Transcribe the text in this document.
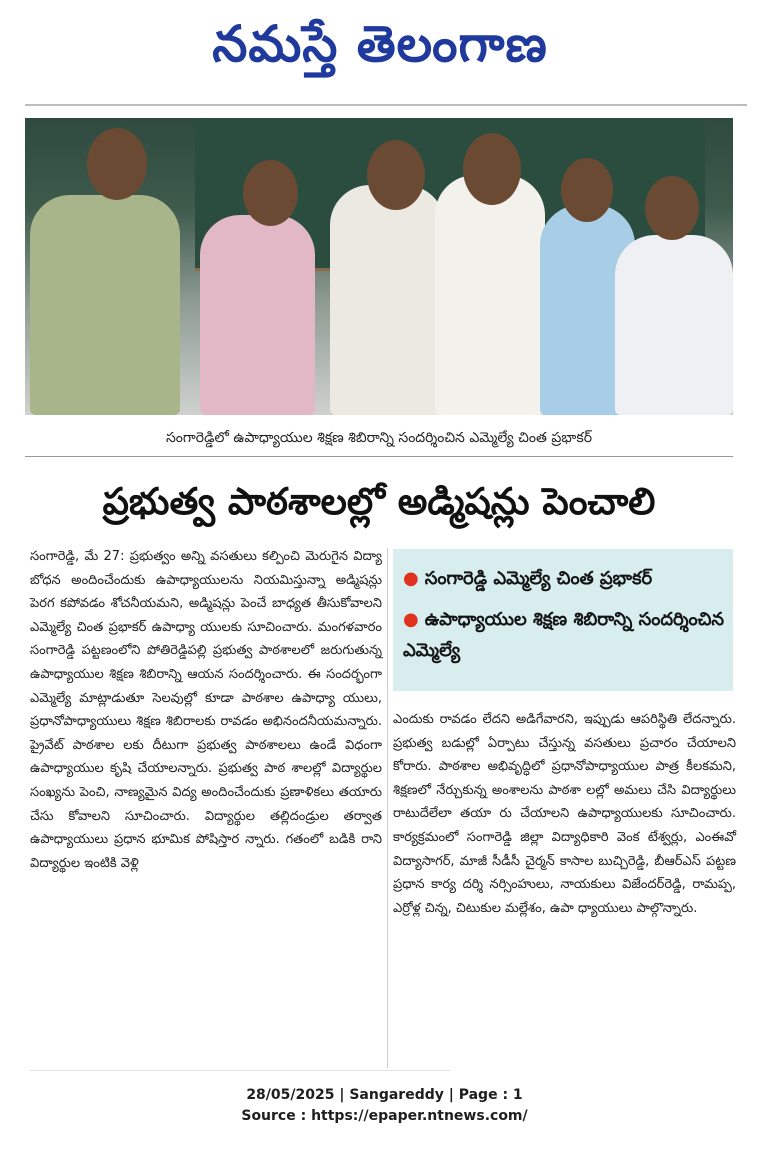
నమస్తే తెలంగాణ
సంగారెడ్డిలో ఉపాధ్యాయుల శిక్షణ శిబిరాన్ని సందర్శించిన ఎమ్మెల్యే చింత ప్రభాకర్
ప్రభుత్వ పాఠశాలల్లో అడ్మిషన్లు పెంచాలి

సంగారెడ్డి, మే 27: ప్రభుత్వం అన్ని వసతులు కల్పించి మెరుగైన విద్యా బోధన అందించేందుకు ఉపాధ్యాయులను నియమిస్తున్నా అడ్మిషన్లు పెరగ కపోవడం శోచనీయమని, అడ్మిషన్లు పెంచే బాధ్యత తీసుకోవాలని ఎమ్మెల్యే చింత ప్రభాకర్ ఉపాధ్యా యులకు సూచించారు. మంగళవారం సంగారెడ్డి పట్టణంలోని పోతిరెడ్డిపల్లి ప్రభుత్వ పాఠశాలలో జరుగుతున్న ఉపాధ్యాయుల శిక్షణ శిబిరాన్ని ఆయన సందర్శించారు. ఈ సందర్భంగా ఎమ్మెల్యే మాట్లాడుతూ సెలవుల్లో కూడా పాఠశాల ఉపాధ్యా యులు, ప్రధానోపాధ్యాయులు శిక్షణ శిబిరాలకు రావడం అభినందనీయమన్నారు. ప్రైవేట్ పాఠశాల లకు దీటుగా ప్రభుత్వ పాఠశాలలు ఉండే విధంగా ఉపాధ్యాయుల కృషి చేయాలన్నారు. ప్రభుత్వ పాఠ శాలల్లో విద్యార్థుల సంఖ్యను పెంచి, నాణ్యమైన విద్య అందించేందుకు ప్రణాళికలు తయారు చేసు కోవాలని సూచించారు. విద్యార్థుల తల్లిదండ్రుల తర్వాత ఉపాధ్యాయులు ప్రధాన భూమిక పోషిస్తార న్నారు. గతంలో బడికి రాని విద్యార్థుల ఇంటికి వెళ్లి

● సంగారెడ్డి ఎమ్మెల్యే చింత ప్రభాకర్
● ఉపాధ్యాయుల శిక్షణ శిబిరాన్ని సందర్శించిన ఎమ్మెల్యే

ఎందుకు రావడం లేదని అడిగేవారని, ఇప్పుడు ఆపరిస్థితి లేదన్నారు. ప్రభుత్వ బడుల్లో ఏర్పాటు చేస్తున్న వసతులు ప్రచారం చేయాలని కోరారు. పాఠశాల అభివృద్ధిలో ప్రధానోపాధ్యాయుల పాత్ర కీలకమని, శిక్షణలో నేర్చుకున్న అంశాలను పాఠశా లల్లో అమలు చేసి విద్యార్థులు రాటుదేలేలా తయా రు చేయాలని ఉపాధ్యాయులకు సూచించారు. కార్యక్రమంలో సంగారెడ్డి జిల్లా విద్యాధికారి వెంక టేశ్వర్లు, ఎంఈవో విద్యాసాగర్, మాజీ సీడీసీ చైర్మన్ కాసాల బుచ్చిరెడ్డి, బీఆర్ఎస్ పట్టణ ప్రధాన కార్య దర్శి నర్సింహులు, నాయకులు విజేందర్‌రెడ్డి, రామప్ప, ఎర్రోళ్ల చిన్న, చిటుకుల మల్లేశం, ఉపా ధ్యాయులు పాల్గొన్నారు.

28/05/2025 | Sangareddy | Page : 1
Source : https://epaper.ntnews.com/
